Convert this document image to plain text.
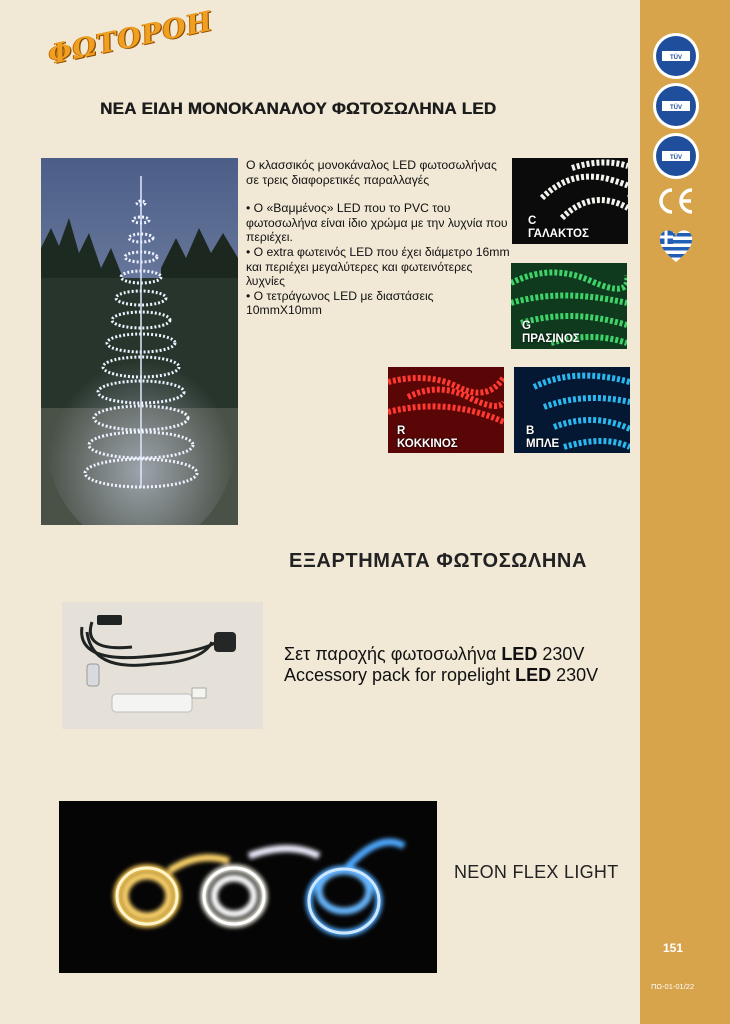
ΦΩΤΟΡΟΗ
ΝΕΑ ΕΙΔΗ ΜΟΝΟΚΑΝΑΛΟΥ ΦΩΤΟΣΩΛΗΝΑ LED

Ο κλασσικός μονοκάναλος LED φωτοσωλήνας σε τρεις διαφορετικές παραλλαγές

• Ο «Βαμμένος» LED που το PVC του φωτοσωλήνα είναι ίδιο χρώμα με την λυχνία που περιέχει.

• Ο extra φωτεινός LED που έχει διάμετρο 16mm και περιέχει μεγαλύτερες και φωτεινότερες λυχνίες

• Ο τετράγωνος LED με διαστάσεις 10mmX10mm

C
ΓΑΛΑΚΤΟΣ
G
ΠΡΑΣΙΝΟΣ
R
ΚΟΚΚΙΝΟΣ
B
ΜΠΛΕ
ΕΞΑΡΤΗΜΑΤΑ ΦΩΤΟΣΩΛΗΝΑ
Σετ παροχής φωτοσωλήνα LED 230V
Accessory pack for ropelight LED 230V
NEON FLEX LIGHT
TÜV
TÜV
TÜV
151
ΠΩ-01-01/22
